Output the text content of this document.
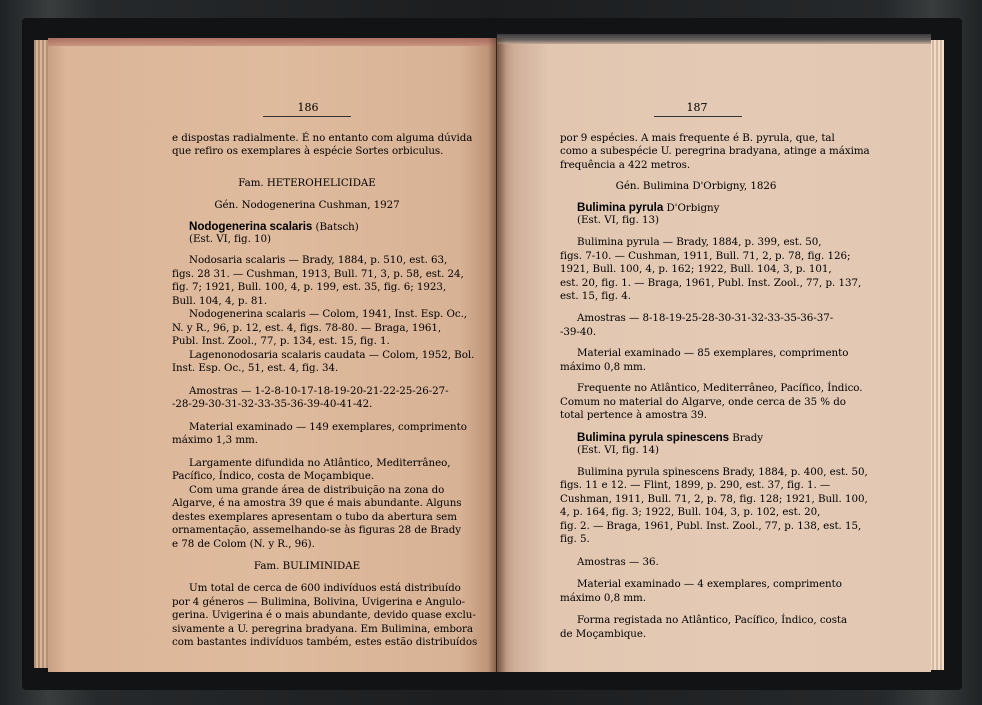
186
e dispostas radialmente. É no entanto com alguma dúvida
que refiro os exemplares à espécie Sortes orbiculus.
Fam. HETEROHELICIDAE
Gén. Nodogenerina Cushman, 1927
Nodogenerina scalaris (Batsch)
(Est. VI, fig. 10)
Nodosaria scalaris — Brady, 1884, p. 510, est. 63,
figs. 28 31. — Cushman, 1913, Bull. 71, 3, p. 58, est. 24,
fig. 7; 1921, Bull. 100, 4, p. 199, est. 35, fig. 6; 1923,
Bull. 104, 4, p. 81.
Nodogenerina scalaris — Colom, 1941, Inst. Esp. Oc.,
N. y R., 96, p. 12, est. 4, figs. 78-80. — Braga, 1961,
Publ. Inst. Zool., 77, p. 134, est. 15, fig. 1.
Lagenonodosaria scalaris caudata — Colom, 1952, Bol.
Inst. Esp. Oc., 51, est. 4, fig. 34.
Amostras — 1-2-8-10-17-18-19-20-21-22-25-26-27-
-28-29-30-31-32-33-35-36-39-40-41-42.
Material examinado — 149 exemplares, comprimento
máximo 1,3 mm.
Largamente difundida no Atlântico, Mediterrâneo,
Pacífico, Índico, costa de Moçambique.
Com uma grande área de distribuição na zona do
Algarve, é na amostra 39 que é mais abundante. Alguns
destes exemplares apresentam o tubo da abertura sem
ornamentação, assemelhando-se às figuras 28 de Brady
e 78 de Colom (N. y R., 96).
Fam. BULIMINIDAE
Um total de cerca de 600 indivíduos está distribuído
por 4 géneros — Bulimina, Bolivina, Uvigerina e Angulo-
gerina. Uvigerina é o mais abundante, devido quase exclu-
sivamente a U. peregrina bradyana. Em Bulimina, embora
com bastantes indivíduos também, estes estão distribuídos
187
por 9 espécies. A mais frequente é B. pyrula, que, tal
como a subespécie U. peregrina bradyana, atinge a máxima
frequência a 422 metros.
Gén. Bulimina D'Orbigny, 1826
Bulimina pyrula D'Orbigny
(Est. VI, fig. 13)
Bulimina pyrula — Brady, 1884, p. 399, est. 50,
figs. 7-10. — Cushman, 1911, Bull. 71, 2, p. 78, fig. 126;
1921, Bull. 100, 4, p. 162; 1922, Bull. 104, 3, p. 101,
est. 20, fig. 1. — Braga, 1961, Publ. Inst. Zool., 77, p. 137,
est. 15, fig. 4.
Amostras — 8-18-19-25-28-30-31-32-33-35-36-37-
-39-40.
Material examinado — 85 exemplares, comprimento
máximo 0,8 mm.
Frequente no Atlântico, Mediterrâneo, Pacífico, Índico.
Comum no material do Algarve, onde cerca de 35 % do
total pertence à amostra 39.
Bulimina pyrula spinescens Brady
(Est. VI, fig. 14)
Bulimina pyrula spinescens Brady, 1884, p. 400, est. 50,
figs. 11 e 12. — Flint, 1899, p. 290, est. 37, fig. 1. —
Cushman, 1911, Bull. 71, 2, p. 78, fig. 128; 1921, Bull. 100,
4, p. 164, fig. 3; 1922, Bull. 104, 3, p. 102, est. 20,
fig. 2. — Braga, 1961, Publ. Inst. Zool., 77, p. 138, est. 15,
fig. 5.
Amostras — 36.
Material examinado — 4 exemplares, comprimento
máximo 0,8 mm.
Forma registada no Atlântico, Pacífico, Índico, costa
de Moçambique.
